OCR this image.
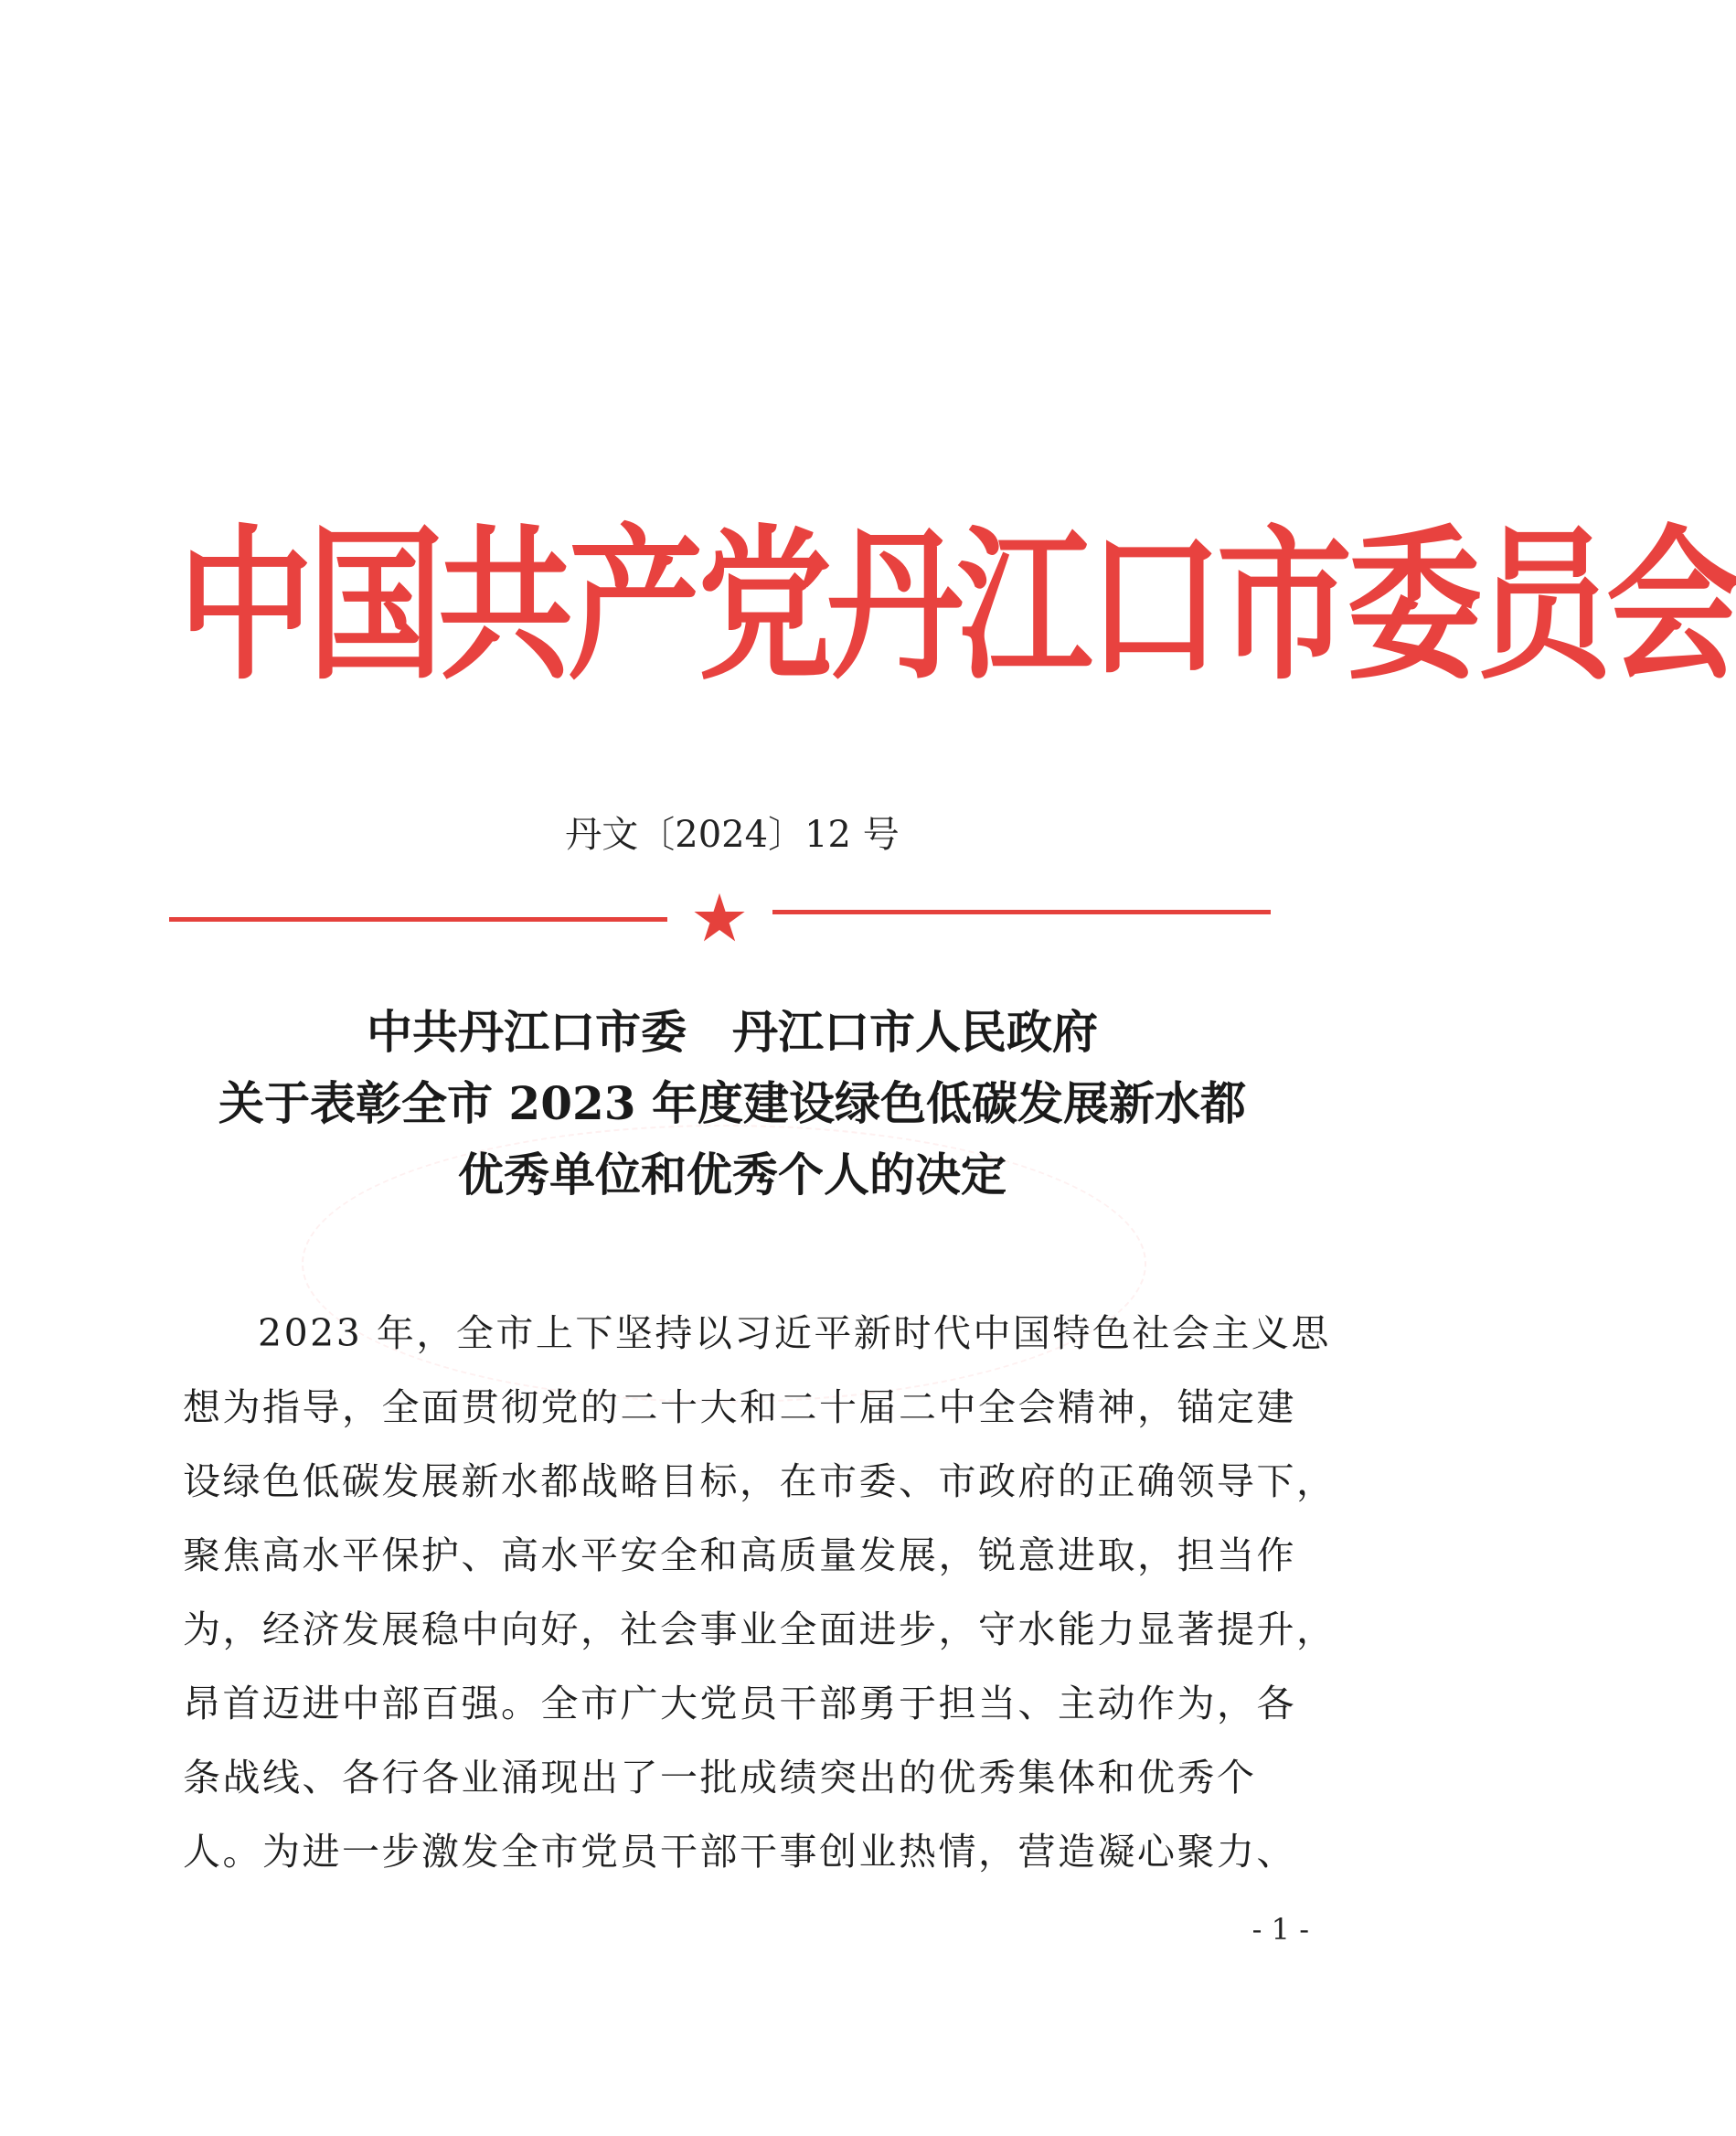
中国共产党丹江口市委员会
丹文〔2024〕12 号
★
中共丹江口市委　丹江口市人民政府
关于表彰全市 2023 年度建设绿色低碳发展新水都
优秀单位和优秀个人的决定
2023 年，全市上下坚持以习近平新时代中国特色社会主义思
想为指导，全面贯彻党的二十大和二十届二中全会精神，锚定建
设绿色低碳发展新水都战略目标，在市委、市政府的正确领导下，
聚焦高水平保护、高水平安全和高质量发展，锐意进取，担当作
为，经济发展稳中向好，社会事业全面进步，守水能力显著提升，
昂首迈进中部百强。全市广大党员干部勇于担当、主动作为，各
条战线、各行各业涌现出了一批成绩突出的优秀集体和优秀个
人。为进一步激发全市党员干部干事创业热情，营造凝心聚力、
- 1 -
